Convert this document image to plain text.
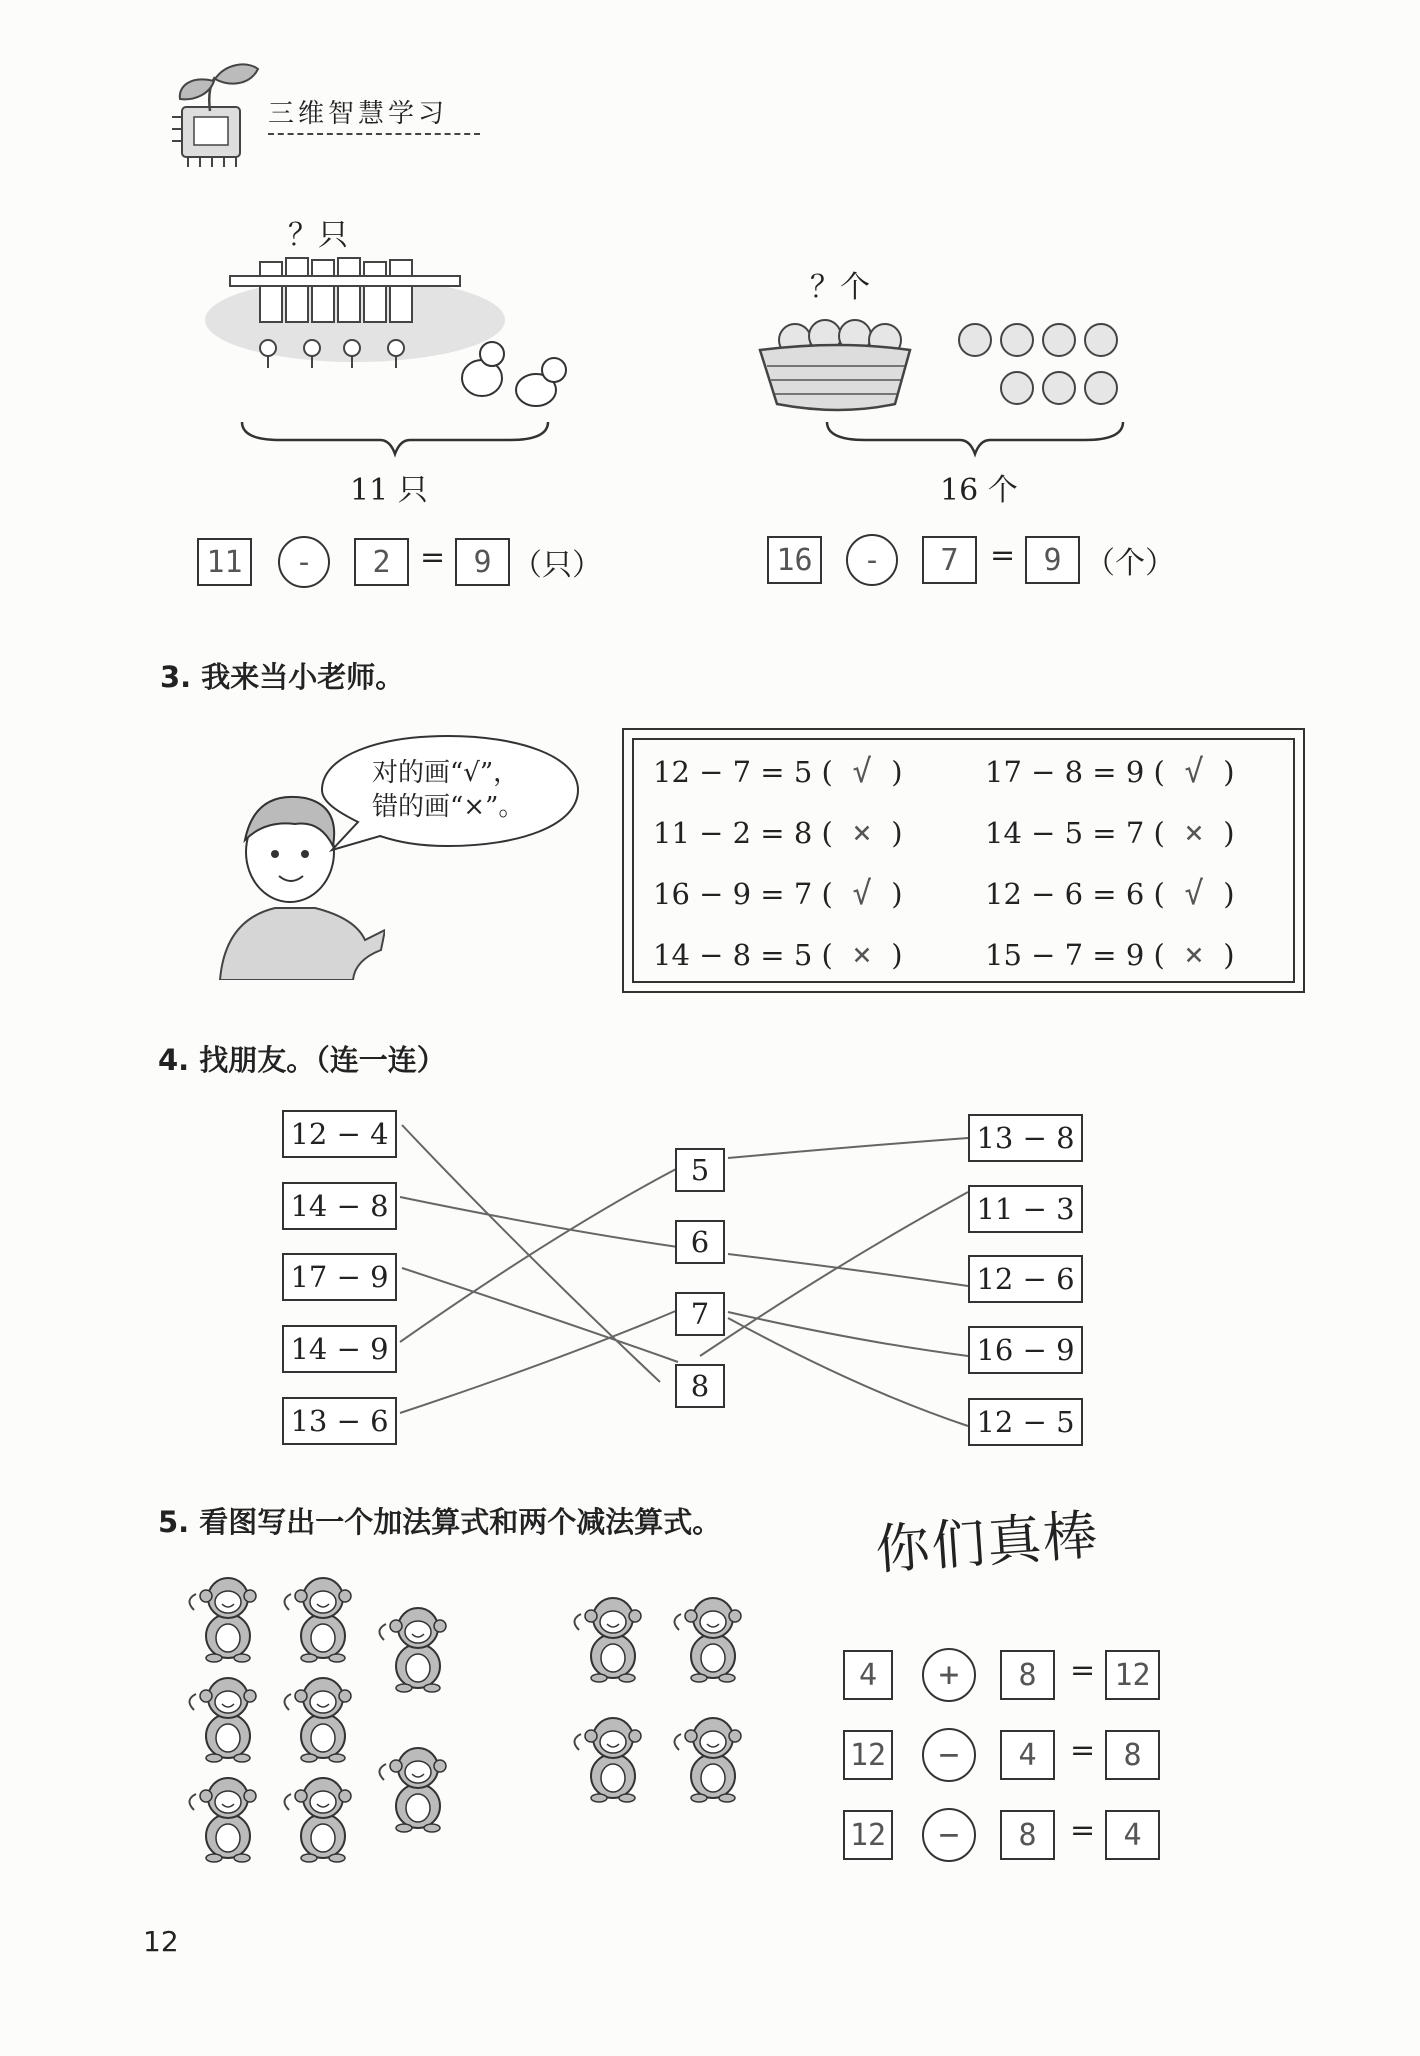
三维智慧学习
？只
11 只
11 - 2 = 9 （只）
？个
16 个
16 - 7 = 9 （个）
3. 我来当小老师。
对的画“√”，
错的画“×”。
12 − 7 = 5 ( √ )	17 − 8 = 9 ( √ )
11 − 2 = 8 ( × )	14 − 5 = 7 ( × )
16 − 9 = 7 ( √ )	12 − 6 = 6 ( √ )
14 − 8 = 5 ( × )	15 − 7 = 9 ( × )
4. 找朋友。（连一连）
12 − 4
14 − 8
17 − 9
14 − 9
13 − 6
5
6
7
8
13 − 8
11 − 3
12 − 6
16 − 9
12 − 5
5. 看图写出一个加法算式和两个减法算式。	你们真棒
4 + 8 = 12
12 − 4 = 8
12 − 8 = 4
12
